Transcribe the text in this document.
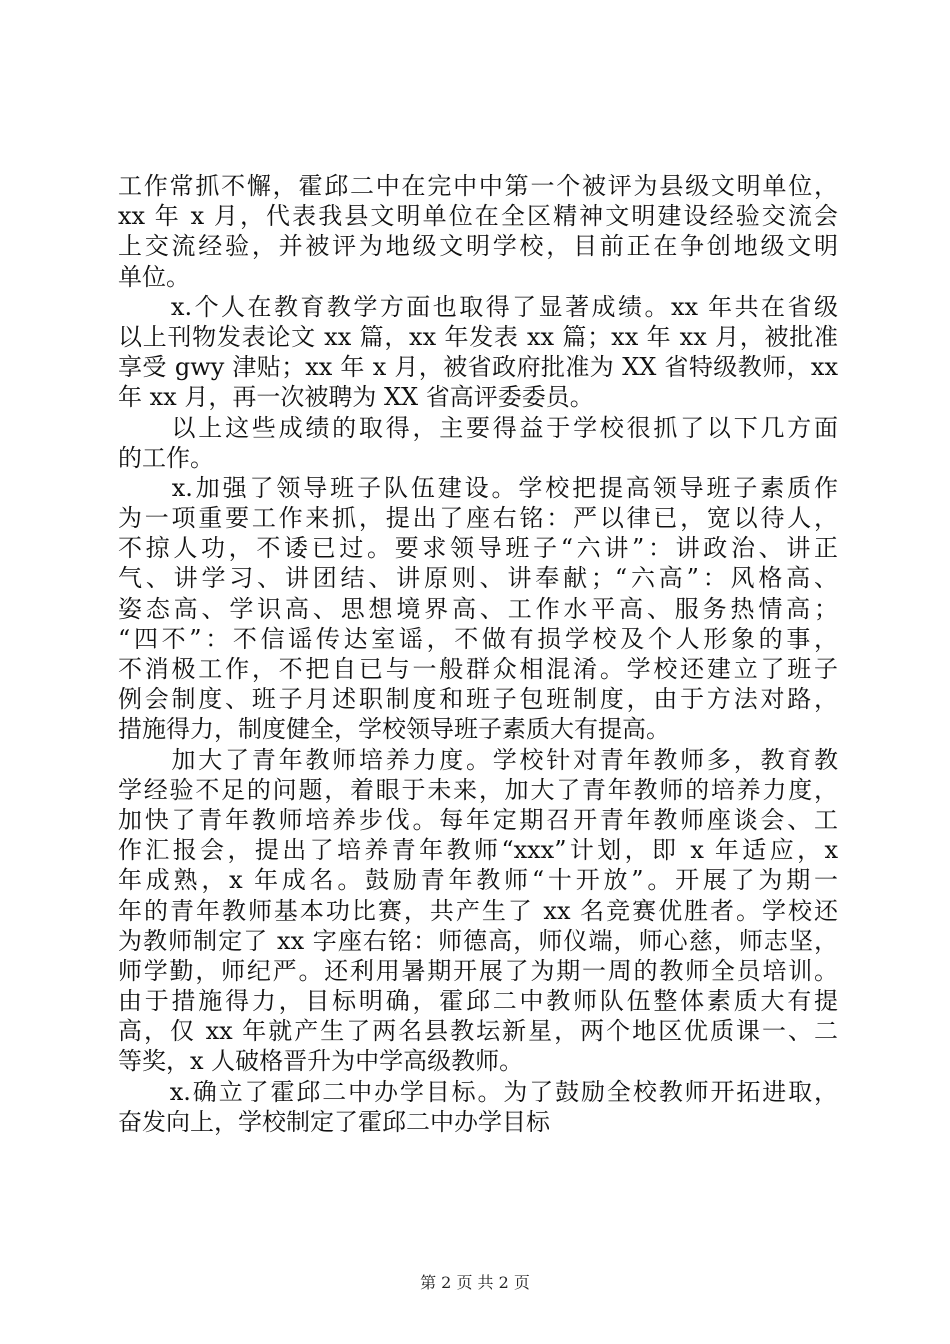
工作常抓不懈，霍邱二中在完中中第一个被评为县级文明单位，
xx 年 x 月，代表我县文明单位在全区精神文明建设经验交流会
上交流经验，并被评为地级文明学校，目前正在争创地级文明
单位。
　　x.个人在教育教学方面也取得了显著成绩。xx 年共在省级
以上刊物发表论文 xx 篇，xx 年发表 xx 篇；xx 年 xx 月，被批准
享受 gwy 津贴；xx 年 x 月，被省政府批准为 XX 省特级教师，xx
年 xx 月，再一次被聘为 XX 省高评委委员。
　　以上这些成绩的取得，主要得益于学校很抓了以下几方面
的工作。
　　x.加强了领导班子队伍建设。学校把提高领导班子素质作
为一项重要工作来抓，提出了座右铭：严以律已，宽以待人，
不掠人功，不诿已过。要求领导班子“六讲”：讲政治、讲正
气、讲学习、讲团结、讲原则、讲奉献；“六高”：风格高、
姿态高、学识高、思想境界高、工作水平高、服务热情高；
“四不”：不信谣传达室谣，不做有损学校及个人形象的事，
不消极工作，不把自已与一般群众相混淆。学校还建立了班子
例会制度、班子月述职制度和班子包班制度，由于方法对路，
措施得力，制度健全，学校领导班子素质大有提高。
　　加大了青年教师培养力度。学校针对青年教师多，教育教
学经验不足的问题，着眼于未来，加大了青年教师的培养力度，
加快了青年教师培养步伐。每年定期召开青年教师座谈会、工
作汇报会，提出了培养青年教师“xxx”计划，即 x 年适应，x
年成熟，x 年成名。鼓励青年教师“十开放”。开展了为期一
年的青年教师基本功比赛，共产生了 xx 名竞赛优胜者。学校还
为教师制定了 xx 字座右铭：师德高，师仪端，师心慈，师志坚，
师学勤，师纪严。还利用暑期开展了为期一周的教师全员培训。
由于措施得力，目标明确，霍邱二中教师队伍整体素质大有提
高，仅 xx 年就产生了两名县教坛新星，两个地区优质课一、二
等奖，x 人破格晋升为中学高级教师。
　　x.确立了霍邱二中办学目标。为了鼓励全校教师开拓进取，
奋发向上，学校制定了霍邱二中办学目标
第 2 页 共 2 页
